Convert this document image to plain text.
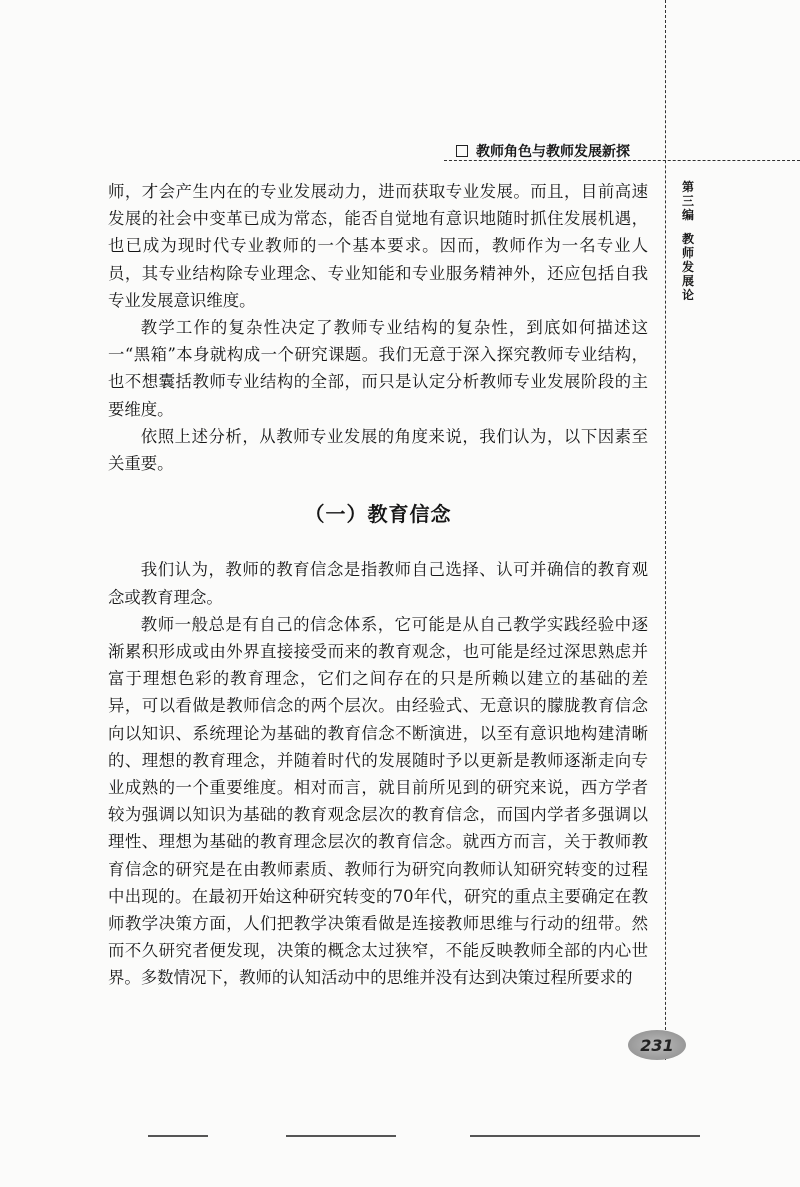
教师角色与教师发展新探
第
三
编
教
师
发
展
论

师，才会产生内在的专业发展动力，进而获取专业发展。而且，目前高速发展的社会中变革已成为常态，能否自觉地有意识地随时抓住发展机遇，也已成为现时代专业教师的一个基本要求。因而，教师作为一名专业人员，其专业结构除专业理念、专业知能和专业服务精神外，还应包括自我专业发展意识维度。

教学工作的复杂性决定了教师专业结构的复杂性，到底如何描述这一“黑箱”本身就构成一个研究课题。我们无意于深入探究教师专业结构，也不想囊括教师专业结构的全部，而只是认定分析教师专业发展阶段的主要维度。

依照上述分析，从教师专业发展的角度来说，我们认为，以下因素至关重要。

（一）教育信念

我们认为，教师的教育信念是指教师自己选择、认可并确信的教育观念或教育理念。

教师一般总是有自己的信念体系，它可能是从自己教学实践经验中逐渐累积形成或由外界直接接受而来的教育观念，也可能是经过深思熟虑并富于理想色彩的教育理念，它们之间存在的只是所赖以建立的基础的差异，可以看做是教师信念的两个层次。由经验式、无意识的朦胧教育信念向以知识、系统理论为基础的教育信念不断演进，以至有意识地构建清晰的、理想的教育理念，并随着时代的发展随时予以更新是教师逐渐走向专业成熟的一个重要维度。相对而言，就目前所见到的研究来说，西方学者较为强调以知识为基础的教育观念层次的教育信念，而国内学者多强调以理性、理想为基础的教育理念层次的教育信念。就西方而言，关于教师教育信念的研究是在由教师素质、教师行为研究向教师认知研究转变的过程中出现的。在最初开始这种研究转变的70年代，研究的重点主要确定在教师教学决策方面，人们把教学决策看做是连接教师思维与行动的纽带。然而不久研究者便发现，决策的概念太过狭窄，不能反映教师全部的内心世界。多数情况下，教师的认知活动中的思维并没有达到决策过程所要求的

231
